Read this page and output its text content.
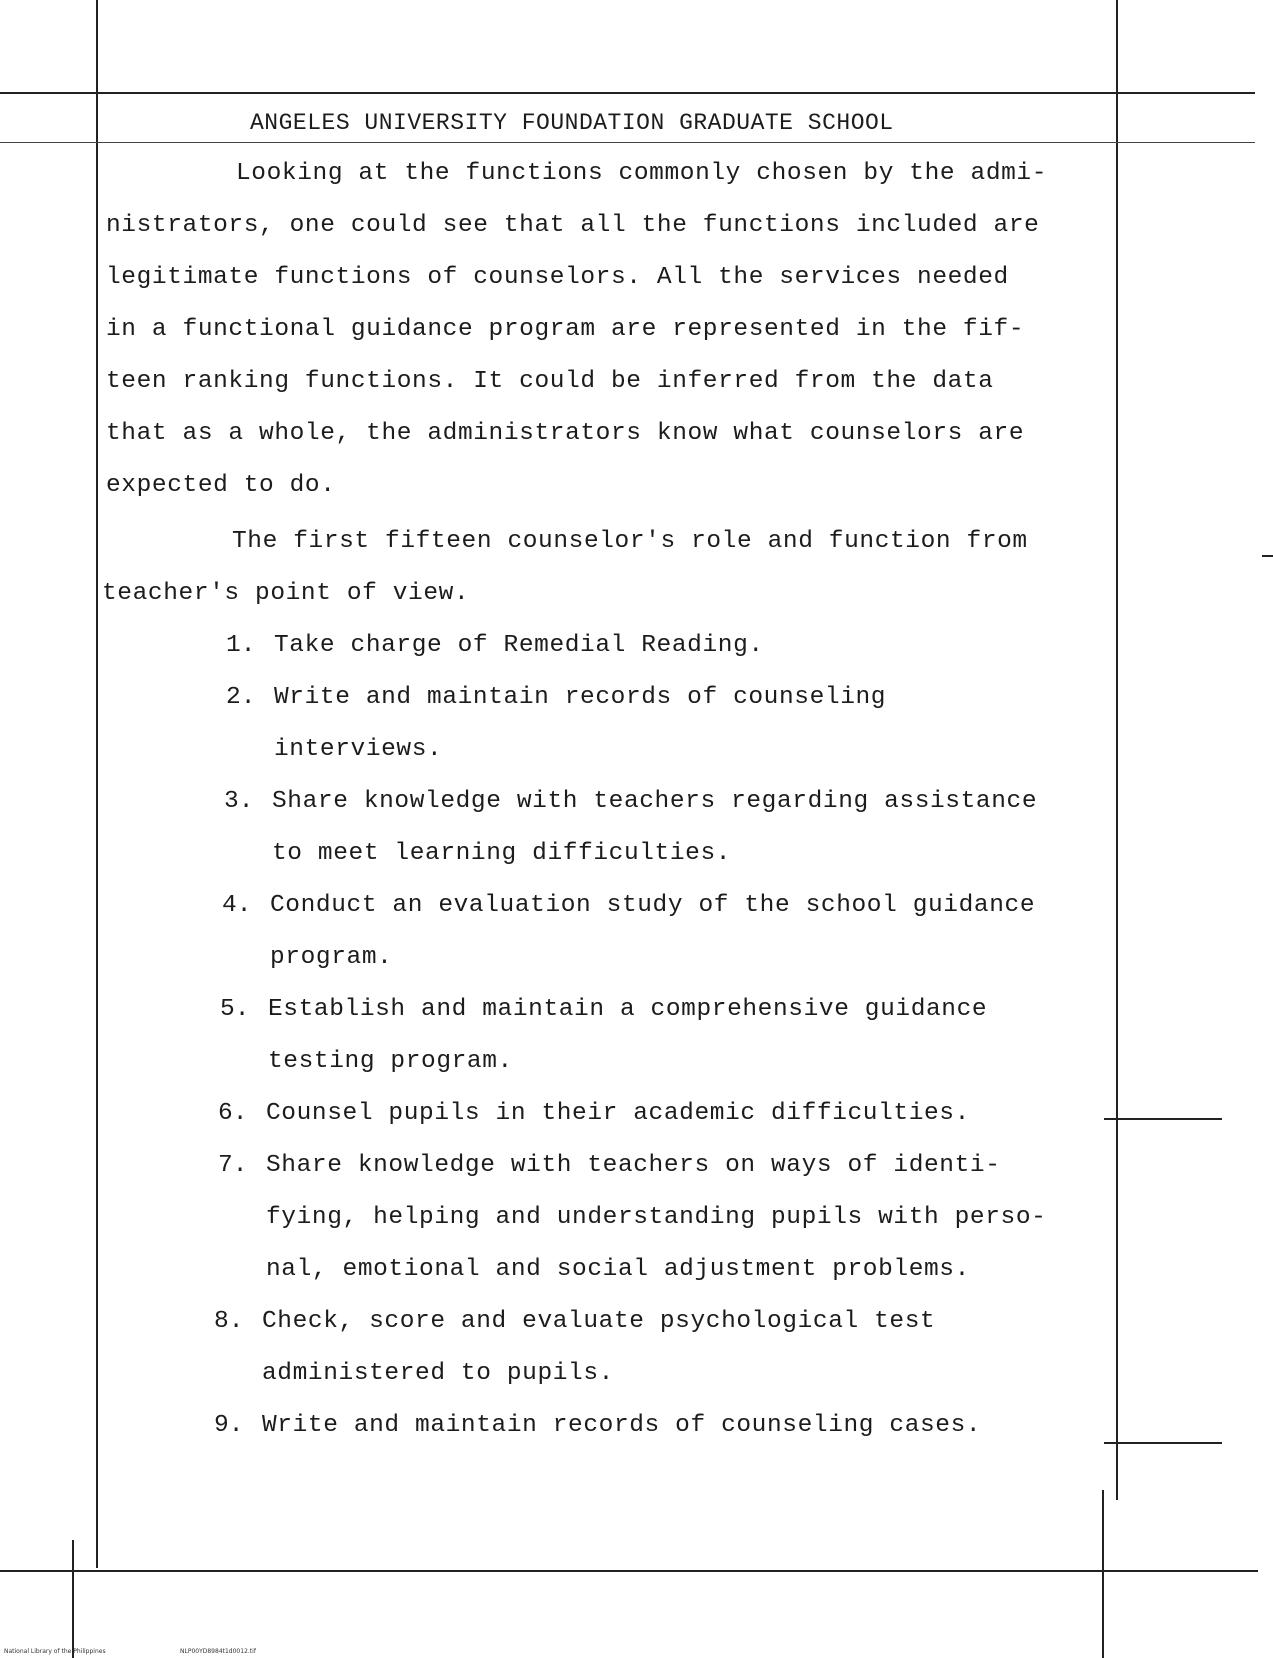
ANGELES UNIVERSITY FOUNDATION GRADUATE SCHOOL
Looking at the functions commonly chosen by the admi-
nistrators, one could see that all the functions included are
legitimate functions of counselors. All the services needed
in a functional guidance program are represented in the fif-
teen ranking functions. It could be inferred from the data
that as a whole, the administrators know what counselors are
expected to do.
The first fifteen counselor's role and function from
teacher's point of view.
1. Take charge of Remedial Reading.
2. Write and maintain records of counseling
interviews.
3. Share knowledge with teachers regarding assistance
to meet learning difficulties.
4. Conduct an evaluation study of the school guidance
program.
5. Establish and maintain a comprehensive guidance
testing program.
6. Counsel pupils in their academic difficulties.
7. Share knowledge with teachers on ways of identi-
fying, helping and understanding pupils with perso-
nal, emotional and social adjustment problems.
8. Check, score and evaluate psychological test
administered to pupils.
9. Write and maintain records of counseling cases.
National Library of the Philippines	NLP00YD8984t1d0012.tif
